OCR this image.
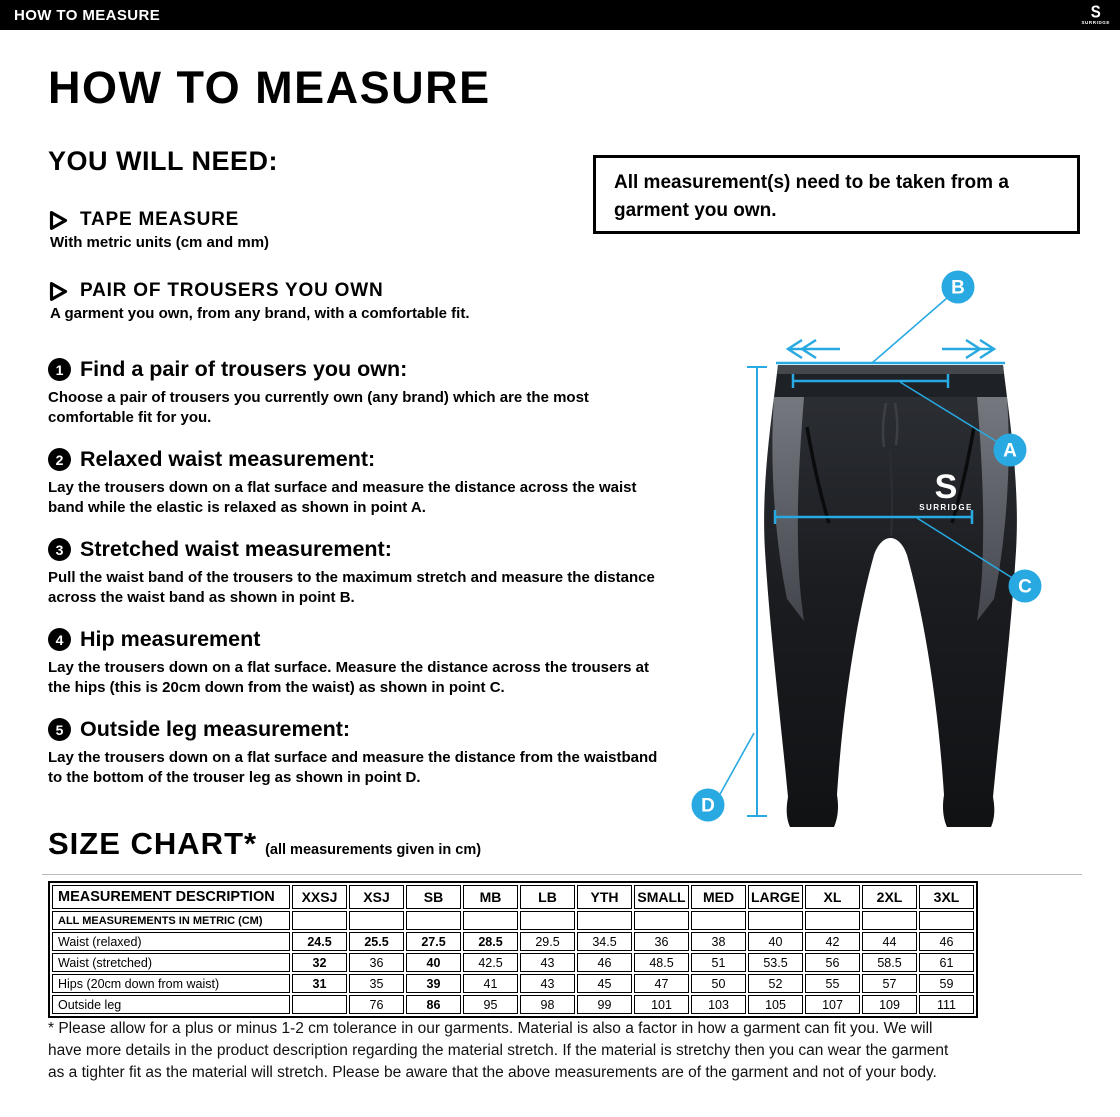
HOW TO MEASURE	S
SURRIDGE
HOW TO MEASURE
YOU WILL NEED:
All measurement(s) need to be taken from a garment you own.
TAPE MEASURE
With metric units (cm and mm)
PAIR OF TROUSERS YOU OWN
A garment you own, from any brand, with a comfortable fit.
1 Find a pair of trousers you own:
Choose a pair of trousers you currently own (any brand) which are the most comfortable fit for you.
2 Relaxed waist measurement:
Lay the trousers down on a flat surface and measure the distance across the waist band while the elastic is relaxed as shown in point A.
3 Stretched waist measurement:
Pull the waist band of the trousers to the maximum stretch and measure the distance across the waist band as shown in point B.
4 Hip measurement
Lay the trousers down on a flat surface. Measure the distance across the trousers at the hips (this is 20cm down from the waist) as shown in point C.
5 Outside leg measurement:
Lay the trousers down on a flat surface and measure the distance from the waistband to the bottom of the trouser leg as shown in point D.
S
SURRIDGE
B
A
C
D
SIZE CHART* (all measurements given in cm)
MEASUREMENT DESCRIPTION	XXSJ	XSJ	SB	MB	LB	YTH	SMALL	MED	LARGE	XL	2XL	3XL
ALL MEASUREMENTS IN METRIC (CM)												
Waist (relaxed)	24.5	25.5	27.5	28.5	29.5	34.5	36	38	40	42	44	46
Waist (stretched)	32	36	40	42.5	43	46	48.5	51	53.5	56	58.5	61
Hips (20cm down from waist)	31	35	39	41	43	45	47	50	52	55	57	59
Outside leg		76	86	95	98	99	101	103	105	107	109	111
* Please allow for a plus or minus 1-2 cm tolerance in our garments. Material is also a factor in how a garment can fit you. We will have more details in the product description regarding the material stretch. If the material is stretchy then you can wear the garment as a tighter fit as the material will stretch. Please be aware that the above measurements are of the garment and not of your body.
